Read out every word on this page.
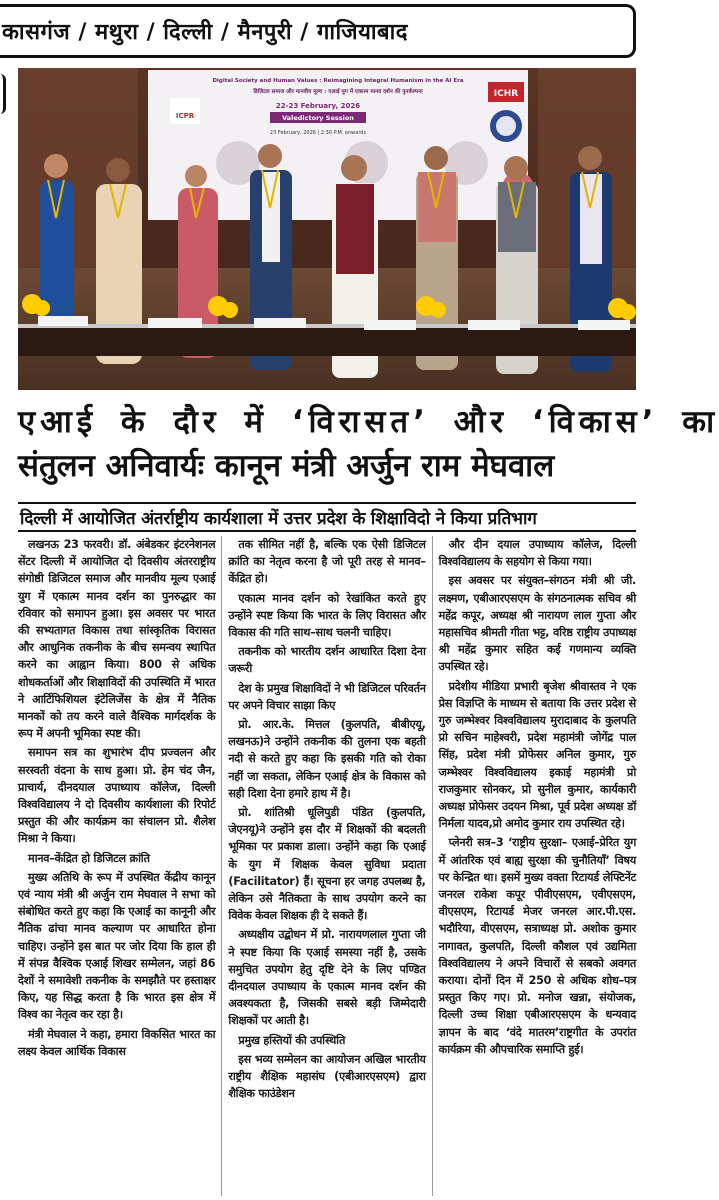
कासगंज / मथुरा / दिल्ली / मैनपुरी / गाजियाबाद
Digital Society and Human Values : Reimagining Integral Humanism in the AI Era
डिजिटल समाज और मानवीय मूल्य : एआई युग में एकात्म मानव दर्शन की पुनर्कल्पना
22-23 February, 2026
Valedictory Session
23 February, 2026 | 2:30 P.M. onwards
ICPR
ICHR
एआई के दौर में ‘विरासत’ और ‘विकास’ का
संतुलन अनिवार्यः कानून मंत्री अर्जुन राम मेघवाल
दिल्ली में आयोजित अंतर्राष्ट्रीय कार्यशाला में उत्तर प्रदेश के शिक्षाविदो ने किया प्रतिभाग

लखनऊ 23 फरवरी। डॉ. अंबेडकर इंटरनेशनल सेंटर दिल्ली में आयोजित दो दिवसीय अंतरराष्ट्रीय संगोष्ठी डिजिटल समाज और मानवीय मूल्य एआई युग में एकात्म मानव दर्शन का पुनरुद्धार का रविवार को समापन हुआ। इस अवसर पर भारत की सभ्यतागत विकास तथा सांस्कृतिक विरासत और आधुनिक तकनीक के बीच समन्वय स्थापित करने का आह्वान किया। 800 से अधिक शोधकर्ताओं और शिक्षाविदों की उपस्थिति में भारत ने आर्टिफिशियल इंटेलिजेंस के क्षेत्र में नैतिक मानकों को तय करने वाले वैश्विक मार्गदर्शक के रूप में अपनी भूमिका स्पष्ट की।

समापन सत्र का शुभारंभ दीप प्रज्वलन और सरस्वती वंदना के साथ हुआ। प्रो. हेम चंद जैन, प्राचार्य, दीनदयाल उपाध्याय कॉलेज, दिल्ली विश्वविद्यालय ने दो दिवसीय कार्यशाला की रिपोर्ट प्रस्तुत की और कार्यक्रम का संचालन प्रो. शैलेश मिश्रा ने किया।

मानव–केंद्रित हो डिजिटल क्रांति

मुख्य अतिथि के रूप में उपस्थित केंद्रीय कानून एवं न्याय मंत्री श्री अर्जुन राम मेघवाल ने सभा को संबोधित करते हुए कहा कि एआई का कानूनी और नैतिक ढांचा मानव कल्याण पर आधारित होना चाहिए। उन्होंने इस बात पर जोर दिया कि हाल ही में संपन्न वैश्विक एआई शिखर सम्मेलन, जहां 86 देशों ने समावेशी तकनीक के समझौते पर हस्ताक्षर किए, यह सिद्ध करता है कि भारत इस क्षेत्र में विश्व का नेतृत्व कर रहा है।

मंत्री मेघवाल ने कहा, हमारा विकसित भारत का लक्ष्य केवल आर्थिक विकास

तक सीमित नहीं है, बल्कि एक ऐसी डिजिटल क्रांति का नेतृत्व करना है जो पूरी तरह से मानव–केंद्रित हो।

एकात्म मानव दर्शन को रेखांकित करते हुए उन्होंने स्पष्ट किया कि भारत के लिए विरासत और विकास की गति साथ–साथ चलनी चाहिए।

तकनीक को भारतीय दर्शन आधारित दिशा देना जरूरी

देश के प्रमुख शिक्षाविदों ने भी डिजिटल परिवर्तन पर अपने विचार साझा किए

प्रो. आर.के. मित्तल (कुलपति, बीबीएयू, लखनऊ)ने उन्होंने तकनीक की तुलना एक बहती नदी से करते हुए कहा कि इसकी गति को रोका नहीं जा सकता, लेकिन एआई क्षेत्र के विकास को सही दिशा देना हमारे हाथ में है।

प्रो. शांतिश्री धूलिपुडी पंडित (कुलपति, जेएनयू)ने उन्होंने इस दौर में शिक्षकों की बदलती भूमिका पर प्रकाश डाला। उन्होंने कहा कि एआई के युग में शिक्षक केवल सुविधा प्रदाता (Facilitator) हैं। सूचना हर जगह उपलब्ध है, लेकिन उसे नैतिकता के साथ उपयोग करने का विवेक केवल शिक्षक ही दे सकते हैं।

अध्यक्षीय उद्बोधन में प्रो. नारायणलाल गुप्ता जी ने स्पष्ट किया कि एआई समस्या नहीं है, उसके समुचित उपयोग हेतु दृष्टि देने के लिए पण्डित दीनदयाल उपाध्याय के एकात्म मानव दर्शन की अवश्यकता है, जिसकी सबसे बड़ी जिम्मेदारी शिक्षकों पर आती है।

प्रमुख हस्तियों की उपस्थिति

इस भव्य सम्मेलन का आयोजन अखिल भारतीय राष्ट्रीय शैक्षिक महासंघ (एबीआरएसएम) द्वारा शैक्षिक फाउंडेशन

और दीन दयाल उपाध्याय कॉलेज, दिल्ली विश्वविद्यालय के सहयोग से किया गया।

इस अवसर पर संयुक्त–संगठन मंत्री श्री जी. लक्ष्मण, एबीआरएसएम के संगठनात्मक सचिव श्री महेंद्र कपूर, अध्यक्ष श्री नारायण लाल गुप्ता और महासचिव श्रीमती गीता भट्ट, वरिष्ठ राष्ट्रीय उपाध्यक्ष श्री महेंद्र कुमार सहित कई गणमान्य व्यक्ति उपस्थित रहे।

प्रदेशीय मीडिया प्रभारी बृजेश श्रीवास्तव ने एक प्रेस विज्ञप्ति के माध्यम से बताया कि उत्तर प्रदेश से गुरु जम्भेश्वर विश्वविद्यालय मुरादाबाद के कुलपति प्रो सचिन माहेश्वरी, प्रदेश महामंत्री जोगेंद्र पाल सिंह, प्रदेश मंत्री प्रोफेसर अनिल कुमार, गुरु जम्भेश्वर विश्वविद्यालय इकाई महामंत्री प्रो राजकुमार सोनकर, प्रो सुनील कुमार, कार्यकारी अध्यक्ष प्रोफेसर उदयन मिश्रा, पूर्व प्रदेश अध्यक्ष डॉ निर्मला यादव,प्रो अमोद कुमार राय उपस्थित रहे।

प्लेनरी सत्र–3 ‘राष्ट्रीय सुरक्षा– एआई–प्रेरित युग में आंतरिक एवं बाह्य सुरक्षा की चुनौतियाँ’ विषय पर केन्द्रित था। इसमें मुख्य वक्ता रिटायर्ड लेफ्टिनेंट जनरल राकेश कपूर पीवीएसएम, एवीएसएम, वीएसएम, रिटायर्ड मेजर जनरल आर.पी.एस. भदौरिया, वीएसएम, सत्राध्यक्ष प्रो. अशोक कुमार नागावत, कुलपति, दिल्ली कौशल एवं उद्यमिता विश्वविद्यालय ने अपने विचारों से सबको अवगत कराया। दोनों दिन में 250 से अधिक शोध–पत्र प्रस्तुत किए गए। प्रो. मनोज खन्ना, संयोजक, दिल्ली उच्च शिक्षा एबीआरएसएम के धन्यवाद ज्ञापन के बाद ‘वंदे मातरम’राष्ट्रगीत के उपरांत कार्यक्रम की औपचारिक समाप्ति हुई।
